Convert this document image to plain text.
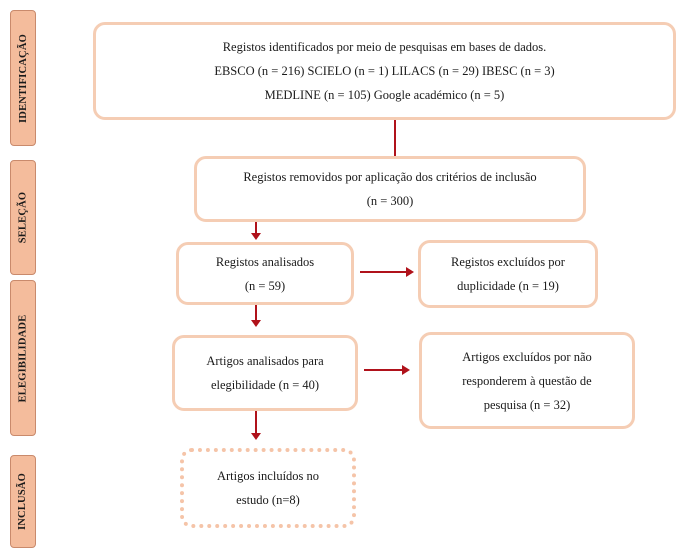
IDENTIFICAÇÃO
SELEÇÃO
ELEGIBILIDADE
INCLUSÃO
Registos identificados por meio de pesquisas em bases de dados.
EBSCO (n = 216) SCIELO (n = 1) LILACS (n = 29) IBESC (n = 3)
MEDLINE (n = 105) Google académico (n = 5)
Registos removidos por aplicação dos critérios de inclusão
(n = 300)
Registos analisados
(n = 59)
Registos excluídos por
duplicidade (n = 19)
Artigos analisados para
elegibilidade (n = 40)
Artigos excluídos por não
responderem à questão de
pesquisa (n = 32)
Artigos incluídos no
estudo (n=8)
